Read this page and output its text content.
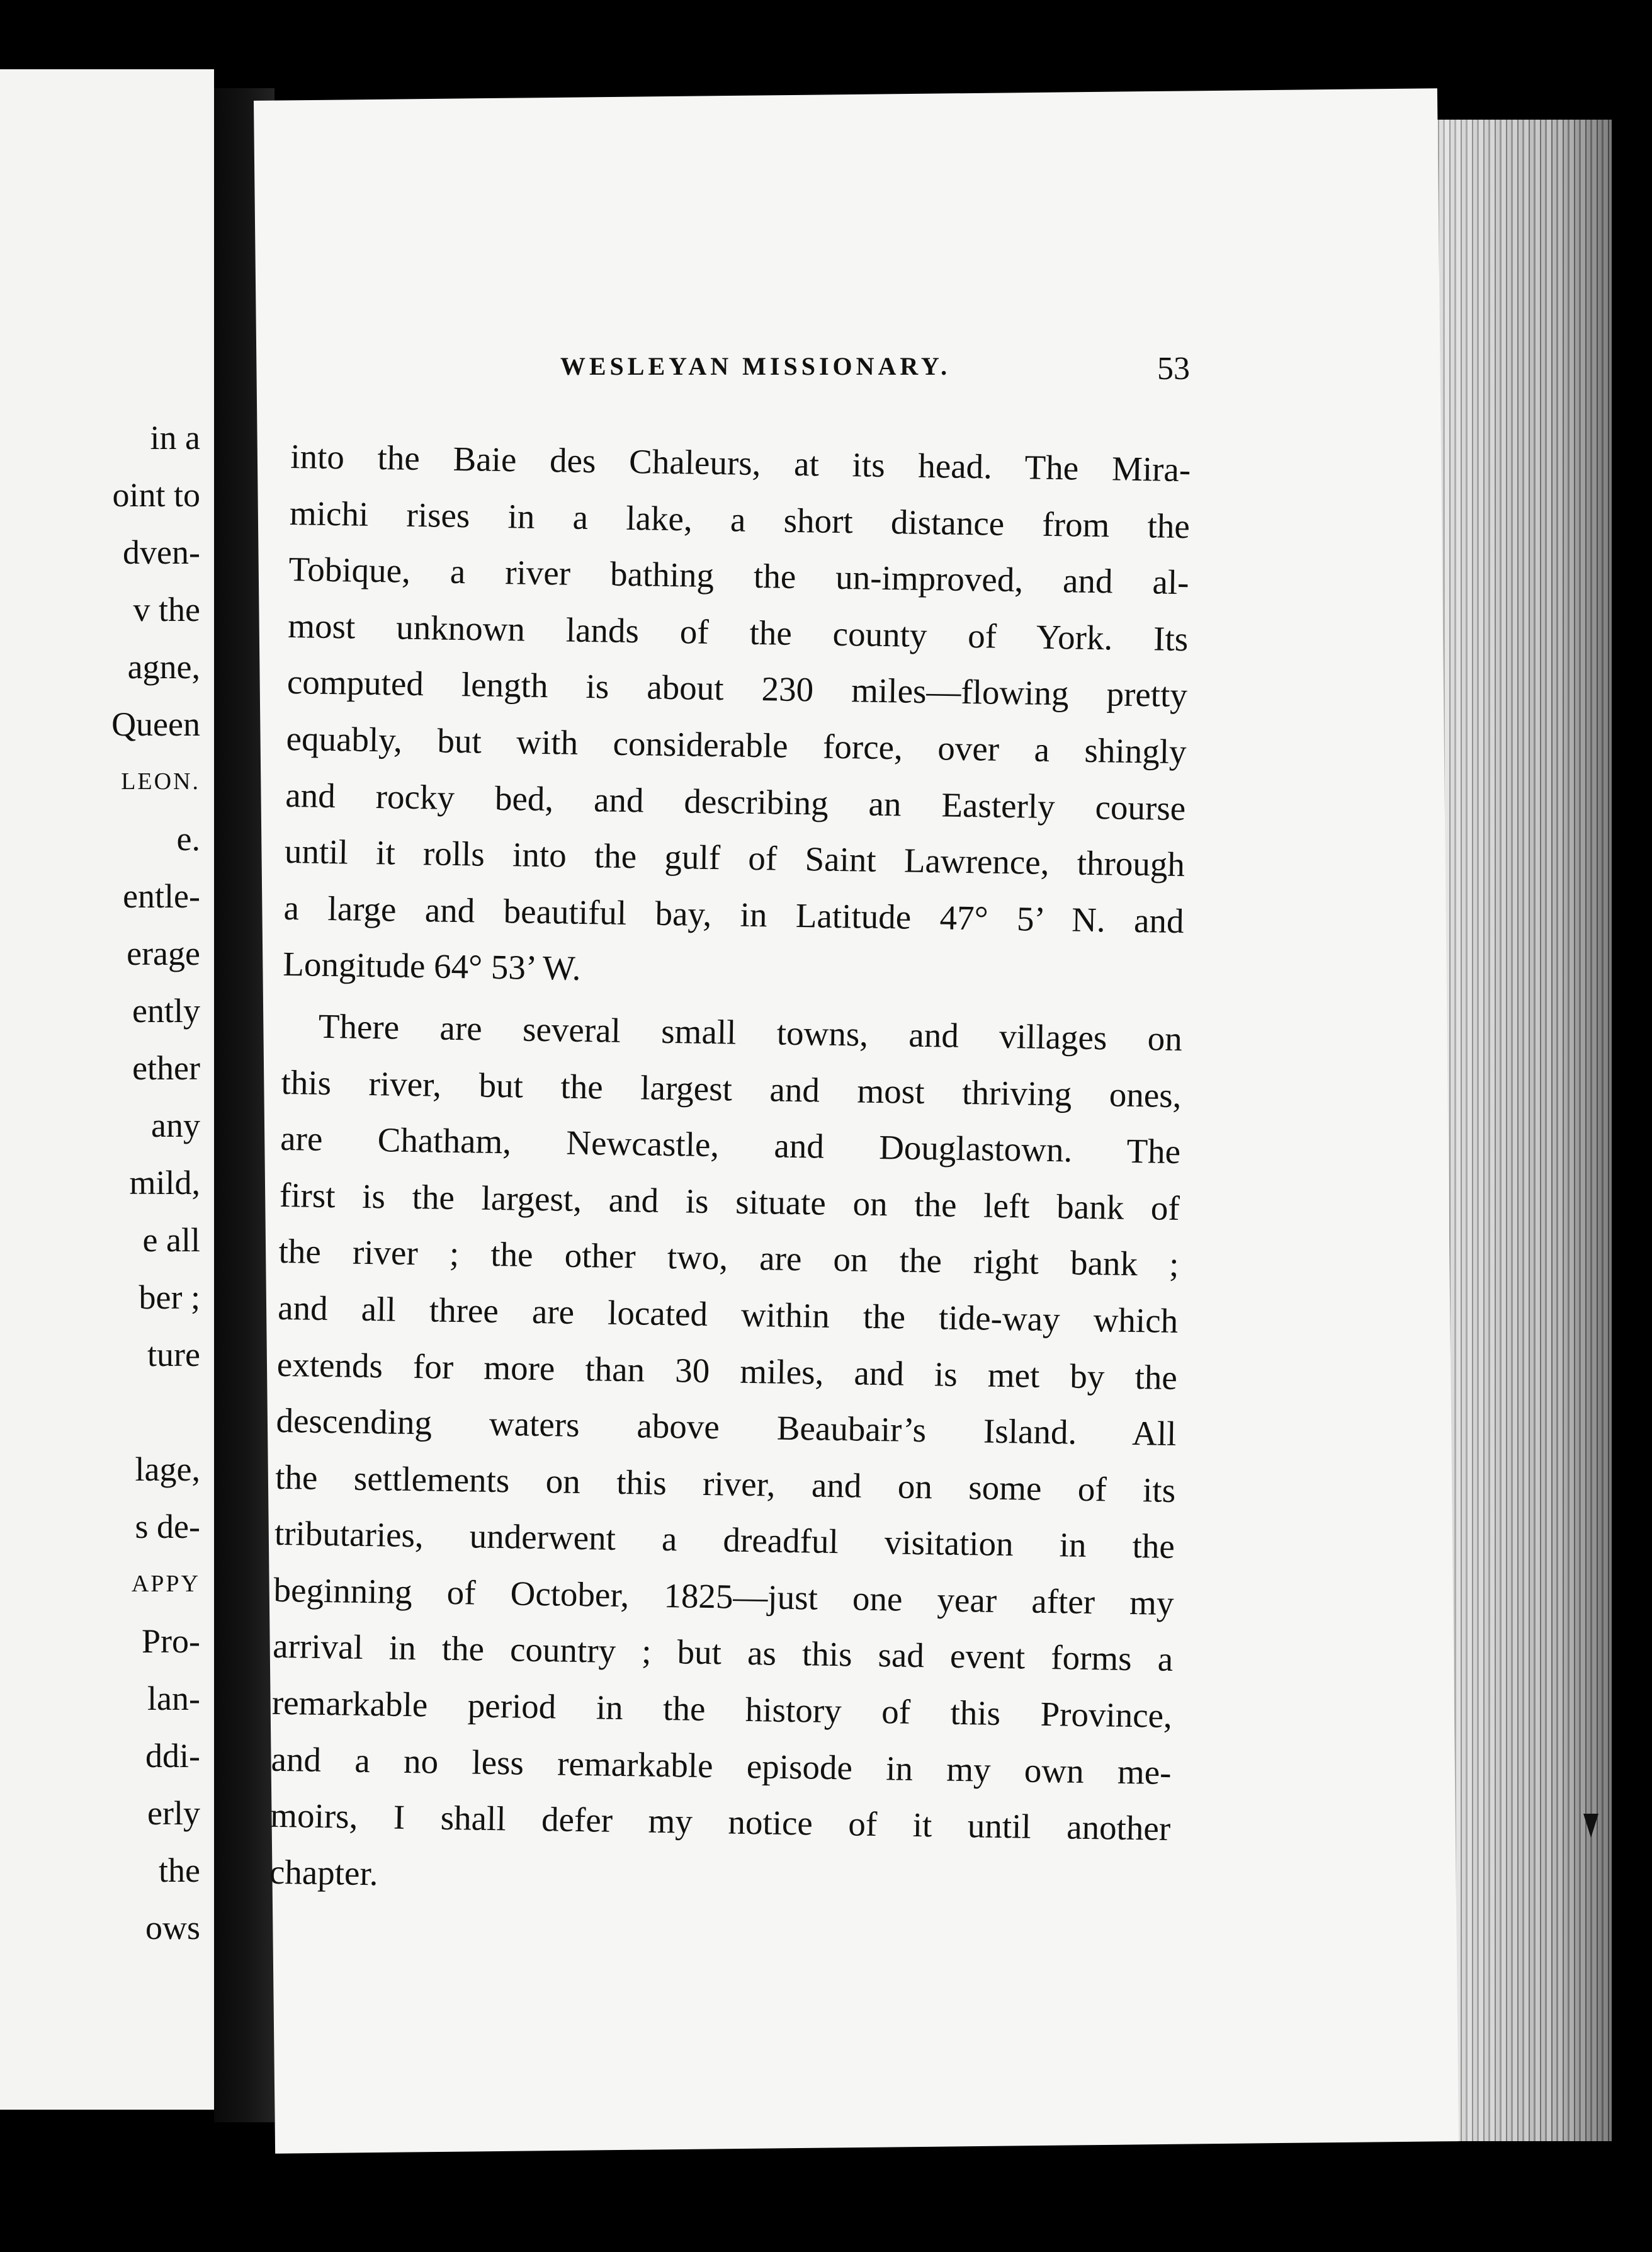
in a
oint to
dven-
v the
agne,
Queen
LEON.
e.
entle-
erage
ently
ether
any
mild,
e all
ber ;
ture

lage,
s de-
APPY
Pro-
lan-
ddi-
erly
the
ows
WESLEYAN MISSIONARY.	53
into the Baie des Chaleurs, at its head. The Mira-
michi rises in a lake, a short distance from the
Tobique, a river bathing the un-improved, and al-
most unknown lands of the county of York. Its
computed length is about 230 miles—flowing pretty
equably, but with considerable force, over a shingly
and rocky bed, and describing an Easterly course
until it rolls into the gulf of Saint Lawrence, through
a large and beautiful bay, in Latitude 47° 5’ N. and
Longitude 64° 53’ W.
There are several small towns, and villages on
this river, but the largest and most thriving ones,
are Chatham, Newcastle, and Douglastown. The
first is the largest, and is situate on the left bank of
the river ; the other two, are on the right bank ;
and all three are located within the tide-way which
extends for more than 30 miles, and is met by the
descending waters above Beaubair’s Island. All
the settlements on this river, and on some of its
tributaries, underwent a dreadful visitation in the
beginning of October, 1825—just one year after my
arrival in the country ; but as this sad event forms a
remarkable period in the history of this Province,
and a no less remarkable episode in my own me-
moirs, I shall defer my notice of it until another
chapter.
